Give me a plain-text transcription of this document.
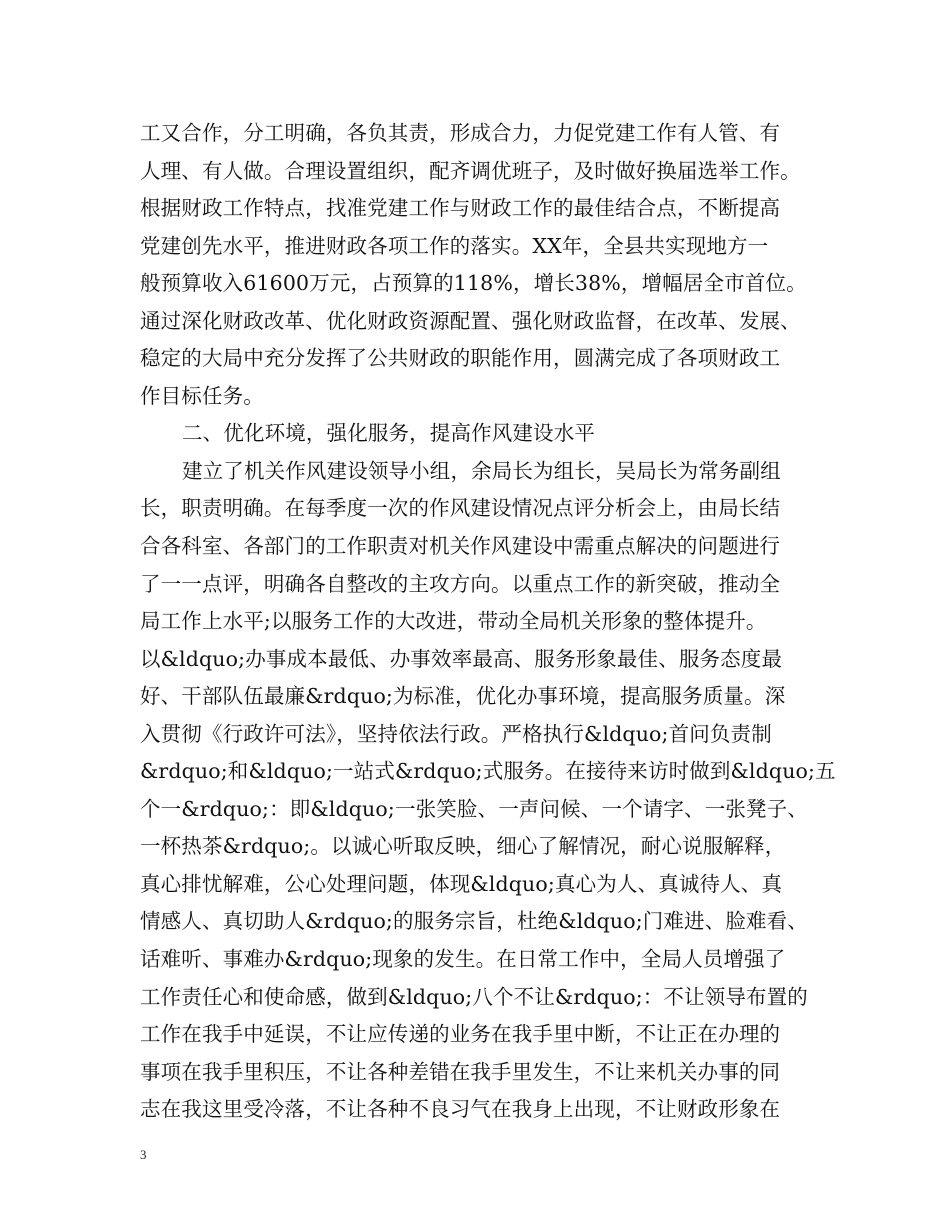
工又合作，分工明确，各负其责，形成合力，力促党建工作有人管、有
人理、有人做。合理设置组织，配齐调优班子，及时做好换届选举工作。
根据财政工作特点，找准党建工作与财政工作的最佳结合点，不断提高
党建创先水平，推进财政各项工作的落实。XX年，全县共实现地方一
般预算收入61600万元，占预算的118%，增长38%，增幅居全市首位。
通过深化财政改革、优化财政资源配置、强化财政监督，在改革、发展、
稳定的大局中充分发挥了公共财政的职能作用，圆满完成了各项财政工
作目标任务。
二、优化环境，强化服务，提高作风建设水平
建立了机关作风建设领导小组，余局长为组长，吴局长为常务副组
长，职责明确。在每季度一次的作风建设情况点评分析会上，由局长结
合各科室、各部门的工作职责对机关作风建设中需重点解决的问题进行
了一一点评，明确各自整改的主攻方向。以重点工作的新突破，推动全
局工作上水平;以服务工作的大改进，带动全局机关形象的整体提升。
以&ldquo;办事成本最低、办事效率最高、服务形象最佳、服务态度最
好、干部队伍最廉&rdquo;为标准，优化办事环境，提高服务质量。深
入贯彻《行政许可法》，坚持依法行政。严格执行&ldquo;首问负责制
&rdquo;和&ldquo;一站式&rdquo;式服务。在接待来访时做到&ldquo;五
个一&rdquo;：即&ldquo;一张笑脸、一声问候、一个请字、一张凳子、
一杯热茶&rdquo;。以诚心听取反映，细心了解情况，耐心说服解释，
真心排忧解难，公心处理问题，体现&ldquo;真心为人、真诚待人、真
情感人、真切助人&rdquo;的服务宗旨，杜绝&ldquo;门难进、脸难看、
话难听、事难办&rdquo;现象的发生。在日常工作中，全局人员增强了
工作责任心和使命感，做到&ldquo;八个不让&rdquo;：不让领导布置的
工作在我手中延误，不让应传递的业务在我手里中断，不让正在办理的
事项在我手里积压，不让各种差错在我手里发生，不让来机关办事的同
志在我这里受冷落，不让各种不良习气在我身上出现，不让财政形象在
3
